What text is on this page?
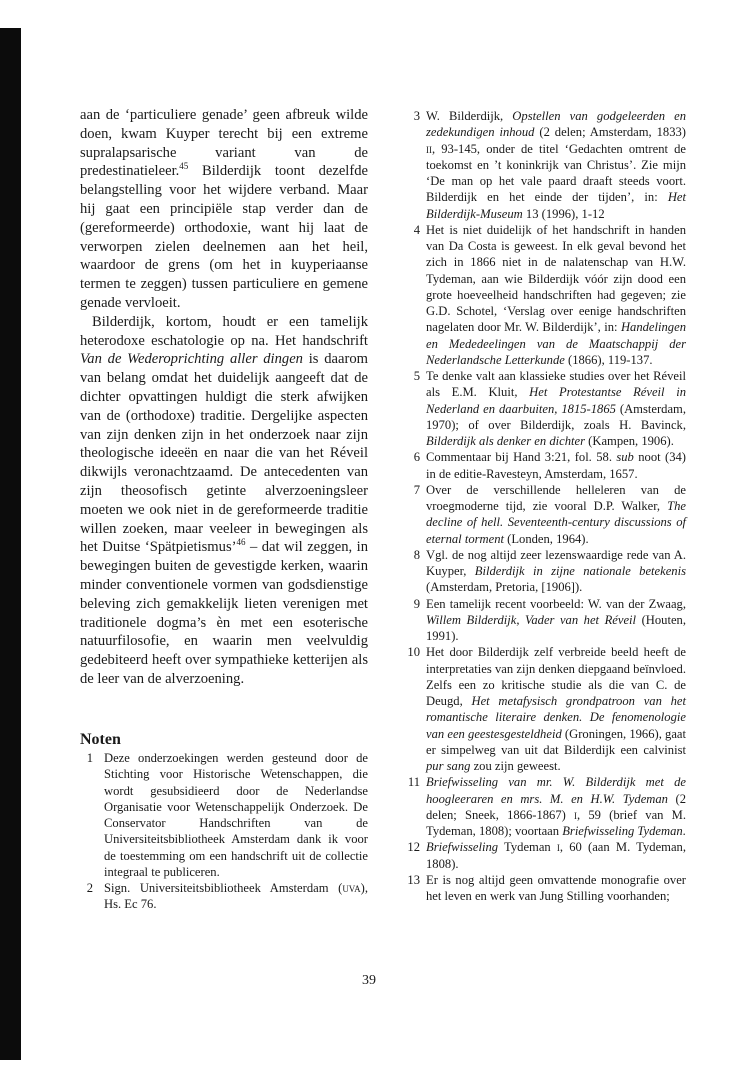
aan de ‘particuliere genade’ geen afbreuk wilde doen, kwam Kuyper terecht bij een extreme supralapsarische variant van de predestinatieleer.$^{45}$ Bilderdijk toont dezelfde belangstelling voor het wijdere verband. Maar hij gaat een principiële stap verder dan de (gereformeerde) orthodoxie, want hij laat de verworpen zielen deelnemen aan het heil, waardoor de grens (om het in kuyperiaanse termen te zeggen) tussen particuliere en gemene genade vervloeit.

Bilderdijk, kortom, houdt er een tamelijk heterodoxe eschatologie op na. Het handschrift Van de Wederoprichting aller dingen is daarom van belang omdat het duidelijk aangeeft dat de dichter opvattingen huldigt die sterk afwijken van de (orthodoxe) traditie. Dergelijke aspecten van zijn denken zijn in het onderzoek naar zijn theologische ideeën en naar die van het Réveil dikwijls veronachtzaamd. De antecedenten van zijn theosofisch getinte alverzoeningsleer moeten we ook niet in de gereformeerde traditie willen zoeken, maar veeleer in bewegingen als het Duitse ‘Spätpietismus’$^{46}$ – dat wil zeggen, in bewegingen buiten de gevestigde kerken, waarin minder conventionele vormen van godsdienstige beleving zich gemakkelijk lieten verenigen met traditionele dogma’s èn met een esoterische natuurfilosofie, en waarin men veelvuldig gedebiteerd heeft over sympathieke ketterijen als de leer van de alverzoening.

Noten
1 Deze onderzoekingen werden gesteund door de Stichting voor Historische Wetenschappen, die wordt gesubsidieerd door de Nederlandse Organisatie voor Wetenschappelijk Onderzoek. De Conservator Handschriften van de Universiteitsbibliotheek Amsterdam dank ik voor de toestemming om een handschrift uit de collectie integraal te publiceren.
2 Sign. Universiteitsbibliotheek Amsterdam (uva), Hs. Ec 76.
3 W. Bilderdijk, Opstellen van godgeleerden en zedekundigen inhoud (2 delen; Amsterdam, 1833) ii, 93-145, onder de titel ‘Gedachten omtrent de toekomst en ’t koninkrijk van Christus’. Zie mijn ‘De man op het vale paard draaft steeds voort. Bilderdijk en het einde der tijden’, in: Het Bilderdijk-Museum 13 (1996), 1-12
4 Het is niet duidelijk of het handschrift in handen van Da Costa is geweest. In elk geval bevond het zich in 1866 niet in de nalatenschap van H.W. Tydeman, aan wie Bilderdijk vóór zijn dood een grote hoeveelheid handschriften had gegeven; zie G.D. Schotel, ‘Verslag over eenige handschriften nagelaten door Mr. W. Bilderdijk’, in: Handelingen en Mededeelingen van de Maatschappij der Nederlandsche Letterkunde (1866), 119-137.
5 Te denke valt aan klassieke studies over het Réveil als E.M. Kluit, Het Protestantse Réveil in Nederland en daarbuiten, 1815-1865 (Amsterdam, 1970); of over Bilderdijk, zoals H. Bavinck, Bilderdijk als denker en dichter (Kampen, 1906).
6 Commentaar bij Hand 3:21, fol. 58. sub noot (34) in de editie-Ravesteyn, Amsterdam, 1657.
7 Over de verschillende helleleren van de vroegmoderne tijd, zie vooral D.P. Walker, The decline of hell. Seventeenth-century discussions of eternal torment (Londen, 1964).
8 Vgl. de nog altijd zeer lezenswaardige rede van A. Kuyper, Bilderdijk in zijne nationale betekenis (Amsterdam, Pretoria, [1906]).
9 Een tamelijk recent voorbeeld: W. van der Zwaag, Willem Bilderdijk, Vader van het Réveil (Houten, 1991).
10 Het door Bilderdijk zelf verbreide beeld heeft de interpretaties van zijn denken diepgaand beïnvloed. Zelfs een zo kritische studie als die van C. de Deugd, Het metafysisch grondpatroon van het romantische literaire denken. De fenomenologie van een geestesgesteldheid (Groningen, 1966), gaat er simpelweg van uit dat Bilderdijk een calvinist pur sang zou zijn geweest.
11 Briefwisseling van mr. W. Bilderdijk met de hoogleeraren en mrs. M. en H.W. Tydeman (2 delen; Sneek, 1866-1867) i, 59 (brief van M. Tydeman, 1808); voortaan Briefwisseling Tydeman.
12 Briefwisseling Tydeman i, 60 (aan M. Tydeman, 1808).
13 Er is nog altijd geen omvattende monografie over het leven en werk van Jung Stilling voorhanden;
39
